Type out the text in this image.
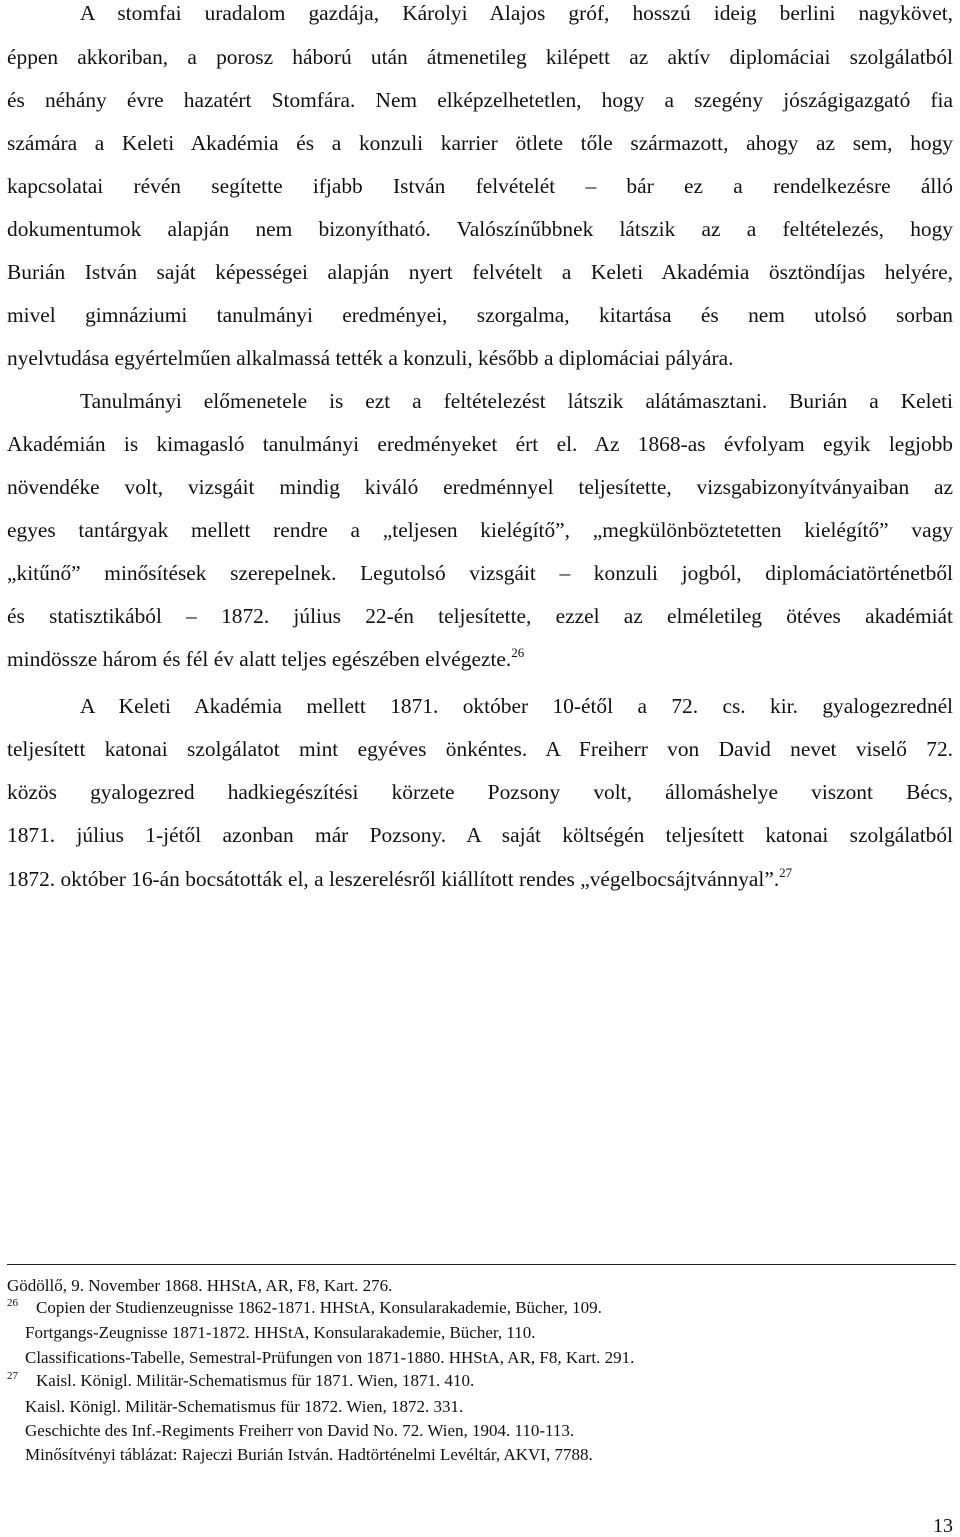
A stomfai uradalom gazdája, Károlyi Alajos gróf, hosszú ideig berlini nagykövet,
éppen akkoriban, a porosz háború után átmenetileg kilépett az aktív diplomáciai szolgálatból
és néhány évre hazatért Stomfára. Nem elképzelhetetlen, hogy a szegény jószágigazgató fia
számára a Keleti Akadémia és a konzuli karrier ötlete tőle származott, ahogy az sem, hogy
kapcsolatai révén segítette ifjabb István felvételét – bár ez a rendelkezésre álló
dokumentumok alapján nem bizonyítható. Valószínűbbnek látszik az a feltételezés, hogy
Burián István saját képességei alapján nyert felvételt a Keleti Akadémia ösztöndíjas helyére,
mivel gimnáziumi tanulmányi eredményei, szorgalma, kitartása és nem utolsó sorban
nyelvtudása egyértelműen alkalmassá tették a konzuli, később a diplomáciai pályára.
Tanulmányi előmenetele is ezt a feltételezést látszik alátámasztani. Burián a Keleti
Akadémián is kimagasló tanulmányi eredményeket ért el. Az 1868-as évfolyam egyik legjobb
növendéke volt, vizsgáit mindig kiváló eredménnyel teljesítette, vizsgabizonyítványaiban az
egyes tantárgyak mellett rendre a „teljesen kielégítő”, „megkülönböztetetten kielégítő” vagy
„kitűnő” minősítések szerepelnek. Legutolsó vizsgáit – konzuli jogból, diplomáciatörténetből
és statisztikából – 1872. július 22-én teljesítette, ezzel az elméletileg ötéves akadémiát
mindössze három és fél év alatt teljes egészében elvégezte.$^{26}$
A Keleti Akadémia mellett 1871. október 10-étől a 72. cs. kir. gyalogezrednél
teljesített katonai szolgálatot mint egyéves önkéntes. A Freiherr von David nevet viselő 72.
közös gyalogezred hadkiegészítési körzete Pozsony volt, állomáshelye viszont Bécs,
1871. július 1-jétől azonban már Pozsony. A saját költségén teljesített katonai szolgálatból
1872. október 16-án bocsátották el, a leszerelésről kiállított rendes „végelbocsájtvánnyal”.$^{27}$
Gödöllő, 9. November 1868. HHStA, AR, F8, Kart. 276.
$^{26}$ Copien der Studienzeugnisse 1862-1871. HHStA, Konsularakademie, Bücher, 109.
Fortgangs-Zeugnisse 1871-1872. HHStA, Konsularakademie, Bücher, 110.
Classifications-Tabelle, Semestral-Prüfungen von 1871-1880. HHStA, AR, F8, Kart. 291.
$^{27}$ Kaisl. Königl. Militär-Schematismus für 1871. Wien, 1871. 410.
Kaisl. Königl. Militär-Schematismus für 1872. Wien, 1872. 331.
Geschichte des Inf.-Regiments Freiherr von David No. 72. Wien, 1904. 110-113.
Minősítvényi táblázat: Rajeczi Burián István. Hadtörténelmi Levéltár, AKVI, 7788.
13
